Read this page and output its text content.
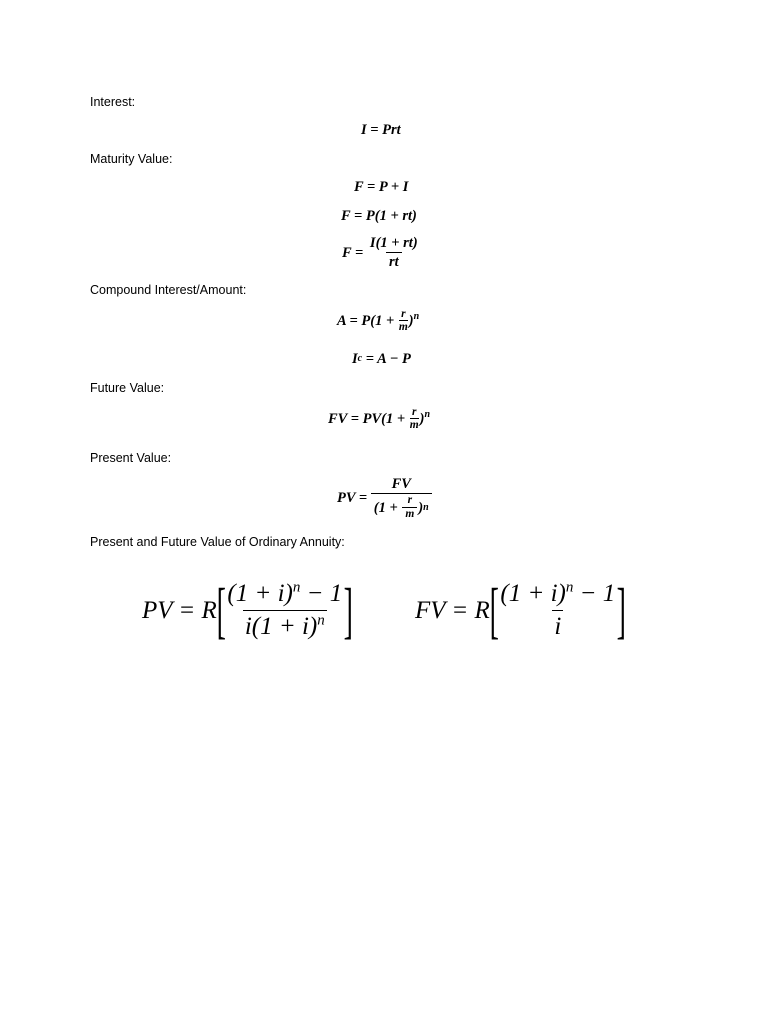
Interest:
I = Prt
Maturity Value:
F = P + I
F = P(1 + rt)
$F = \frac{I(1 + rt)}{rt}$
Compound Interest/Amount:
$A = P(1 + \frac{r}{m} )^n$
I c = A − P
Future Value:
FV = $PV(1 + \frac{r}{m} )^n$
Present Value:
PV = $\frac{FV}{(1 + \frac{r}{m} ) n}$
Present and Future Value of Ordinary Annuity:
PV = R [ $\frac{(1 + i)^n - 1}{i(1 + i)^n}$ ] FV = R [ $\frac{(1 + i)^n - 1}{i}$ ]
